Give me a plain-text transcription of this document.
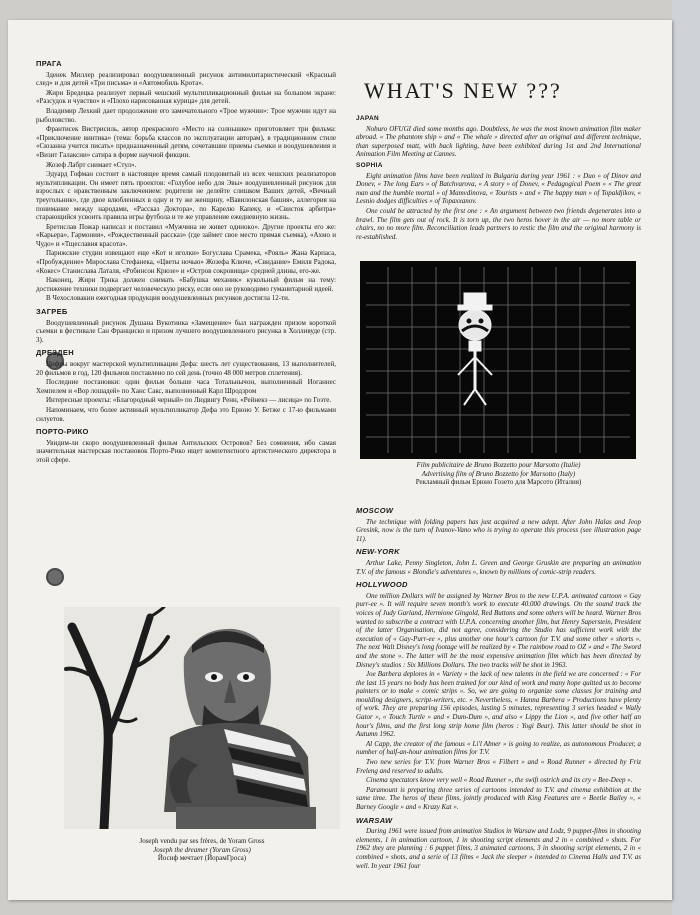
ПРАГА

Зденек Миллер реализировал воодушевленный рисунок антимилитаристический «Красный след» и для детей «Три письма» и «Автомобиль Крота».

Жири Бредецка реализует первый чешский мультипликационный фильм на большом экране: «Разсудок и чувство» и «Плохо нарисованная курица» для детей.

Владимир Лехкий дает продолжение его замечательного «Трое мужчин»: Трое мужчин идут на рыболовство.

Франтисек Вистрисиль, автор прекрасного «Место на солнышке» приготовляет три фильма: «Приключение винтика» (тема: борьба классов по эксплуатации авторам), в традиционном стиле «Сюзанна учится писать» предназначенный детям, сочетавшие приемы съемки и воодушевления и «Визит Галаксии» сатира в форме научной фикции.

Жозеф Лабрт снимает «Стул».

Эдуард Гофман состоит в настоящее время самый плодовитый из всех чешских реализаторов мультипликации. Он имеет пять проектов: «Голубое небо для Эвы» воодушевленный рисунок для взрослых с нравственным заключением: родители не делейте слишком Ваших детей, «Вечный треугольник», где двое влюбленных в одну и ту же женщину, «Вавилонская башня», аллегория на понимание между народами, «Рассказ Доктора», по Карелю Капеку, и «Свисток арбитра» старающийся усвоить правила игры футбола и те же управление ежедневную жизнь.

Бретислав Пожар написал и поставил «Мужчина не живет одинокo». Другие проекты его же: «Карьера», Гармония», «Рождественный рассказ» (где займет свое место прямая съемка), «Ахмо и Чудо» и «Тщеславия красота».

Парижские студии извещают еще «Кот и иголки» Богуслава Срамека, «Рояль» Жана Карпаса, «Пробуждение» Мирослава Стефанека, «Цветы ночью» Жозефа Ключе, «Свидание» Емиля Радока, «Кокес» Станислава Латаля, «Робинсон Крюзе» и «Остров сокровища» средней длины, его-же.

Наконец, Жири Трнка должен снимать «Бабушка механик» кукольный фильм на тему: достижение техники подвергает человеческую риску, если оно не руководимо гуманитарной идеей.

В Чехословакии ежегодная продукция воодушевленных рисунков достигла 12-ти.

ЗАГРЕБ

Воодушевленный рисунок Душана Вукотинка «Замещение» был награжден призом короткой съемки в фестивале Сан Франциско и призом лучшего воодушевленного рисунка в Холливуде (стр. 3).

ДРЕЗДЕН

Цифры вокруг мастерской мультипликации Дефа: шесть лет существования, 13 выполнителей, 20 фильмов в год, 120 фильмов поставлено по сей день (точно 48 000 метров сплетения).

Последние постановки: один фильм больше часа Тотальнычон, выполненный Иоганнес Хемпелем и «Вор лошадей» по Ханс Сакс, выполненный Карл Шродзром

Интересные проекты: «Благородный черный» по Людвигу Ренн, «Рейнекэ — лисица» по Гоэте.

Напоминаем, что более активный мультипликатор Дефа это Ерюно У. Бетже с 17-ю фильмами силуетов.

ПОРТО-РИКО

Увидим-ли скоро воодушевленный фильм Антильских Островов? Без сомнения, ибо самая значительная мастерская постановок Порто-Рико ищет компетентного артистического директора в этой сфере.

WHAT'S NEW ???
JAPAN

Noburo OFUGI died some months ago. Doubtless, he was the most known animation film maker abroad. « The phantom ship » and « The whale » directed after an original and different technique, than superposed matt, with back lighting, have been exhibited during 1st and 2nd International Animation Film Meeting at Cannes.

SOPHIA

Eight animation films have been realized in Bulgaria during year 1961 : « Duo » of Dinov and Donev, « The long Ears » of Batchvarova, « A story » of Donev, « Pedagogical Poem » « The great man and the humble mortal » of Mamvdinova, « Tourists » and « The happy man » of Topaldjikov, « Lesnio dodges difficulties » of Topaxxanov.

One could be attracted by the first one : « An argument between two friends degenerates into a brawl. The film gets out of rock. It is torn up, the two heros hover in the air — no more table or chairs, no no more film. Reconciliation leads partners to restic the film and the original harmony is re-established.

Film publicitaire de Bruno Bozzetto pour Marsotto (Italie)
Advertising film of Bruno Bozzetto for Marsotto (Italy)
Рекламный фильм Ерюно Гозето для Марсотo (Италия)
MOSCOW

The technique with folding papers has just acquired a new adept. After John Halas and Jeop Gresink, now is the turn of Ivanov-Vano who is trying to operate this process (see illustration page 11).

NEW-YORK

Arthur Lake, Penny Singleton, John L. Green and George Gruskin are preparing an animation T.V. of the famous « Blondie's adventures », known by millions of comic-strip readers.

HOLLYWOOD

One million Dollars will be assigned by Warner Bros to the new U.P.A. animated cartoon « Gay purr-ee ». It will require seven month's work to execute 40.000 drawings. On the sound track the voices of Judy Garland, Hermione Gingold, Red Buttons and some others will be heard. Warner Bros wanted to subscribe a contract with U.P.A. concerning another film, but Henry Saperstein, President of the latter Organisation, did not agree, considering the Studio has sufficient work with the execution of « Gay-Purr-ee », plus another one hour's cartoon for T.V. and some other « shorts ». The next Walt Disney's long footage will be realized by « The rainbow road to OZ » and « The Sword and the stone ». The latter will be the most expensive animation film which has been directed by Disney's studios : Six Millions Dollars. The two tracks will be shot in 1963.

Joe Barbera deplores in « Variety » the lack of new talents in the field we are concerned : « For the last 15 years no body has been trained for our kind of work and many hope quitted us to become painters or to make « comic strips ». So, we are going to organize some classes for training and moulding designers, script-writers, etc. » Nevertheless, « Hanna Barbera » Productions have plenty of work. They are preparing 156 episodes, lasting 5 minutes, representing 3 series headed « Wally Gator », « Touch Turtle » and « Dum-Dum », and also « Lippy the Lion », and five other half an hour's films, and the first long strip home film (heros : Yogi Bear). This latter should be shot in Autumn 1962.

Al Capp, the creator of the famous « Li'l Abner » is going to realize, as autonomous Producer, a number of half-an-hour animation films for T.V.

Two new series for T.V. from Warner Bros « Filbert » and « Road Runner » directed by Friz Freleng and reserved to adults.

Cinema spectators know very well « Road Runner », the swift ostrich and its cry « Bee-Deep ».

Paramount is preparing three series of cartoons intended to T.V. and cinema exhibition at the same time. The heros of these films, jointly produced with King Features are « Beetle Bailey », « Barney Google » and « Krazy Kat ».

WARSAW

During 1961 were issued from animation Studios in Warsaw and Lodz, 9 puppet-films in shooting elements, 1 in animation cartoon, 1 in shooting script elements and 2 in « combined » shots. For 1962 they are planning : 6 puppet films, 3 animated cartoons, 3 in shooting script elements, 2 in « combined » shots, and a serie of 13 films « Jack the sleeper » intended to Cinema Halls and T.V. as well. In year 1961 four

Joseph vendu par ses frères, de Yoram Gross
Joseph the dreamer (Yoram Gross)
Йосиф мечтает (ЙорамГроса)
